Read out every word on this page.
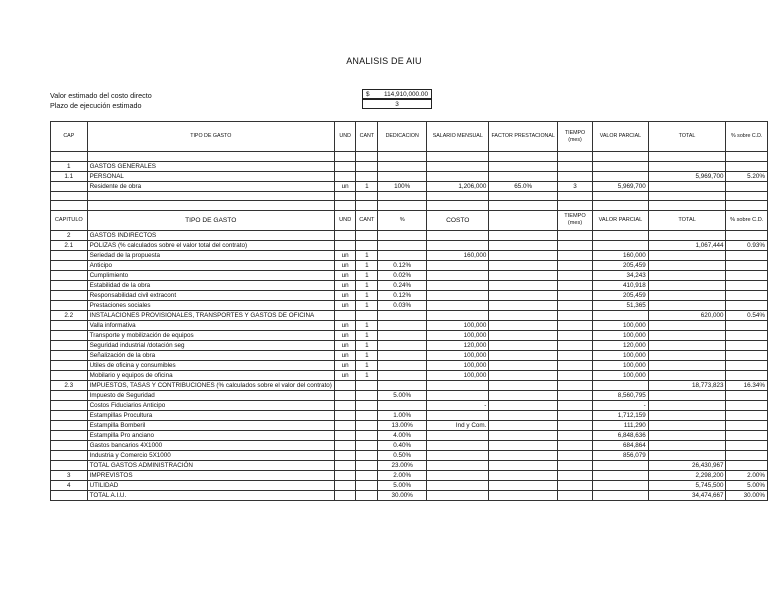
ANALISIS DE AIU
Valor estimado del costo directo
Plazo de ejecución estimado
$ 114,910,000.00
3
CAP	TIPO DE GASTO	UND	CANT	DEDICACION	SALARIO MENSUAL	FACTOR PRESTACIONAL	TIEMPO (mes)	VALOR PARCIAL	TOTAL	% sobre C.D.

1	GASTOS GENERALES									
1.1	PERSONAL								5,969,700	5.20%
	Residente de obra	un	1	100%	1,206,000	65.0%	3	5,969,700		

CAPITULO	TIPO DE GASTO	UND	CANT	%	COSTO		TIEMPO (mes)	VALOR PARCIAL	TOTAL	% sobre C.D.
2	GASTOS INDIRECTOS									
2.1	POLIZAS (% calculados sobre el valor total del contrato)								1,067,444	0.93%
	Seriedad de la propuesta	un	1		160,000			160,000		
	Anticipo	un	1	0.12%				205,459		
	Cumplimiento	un	1	0.02%				34,243		
	Estabilidad de la obra	un	1	0.24%				410,918		
	Responsabilidad civil extracont	un	1	0.12%				205,459		
	Prestaciones sociales	un	1	0.03%				51,365		
2.2	INSTALACIONES PROVISIONALES, TRANSPORTES Y GASTOS DE OFICINA								620,000	0.54%
	Valla informativa	un	1		100,000			100,000		
	Transporte y mobilización de equipos	un	1		100,000			100,000		
	Seguridad industrial /dotación seg	un	1		120,000			120,000		
	Señalización de la obra	un	1		100,000			100,000		
	Utiles de oficina y consumibles	un	1		100,000			100,000		
	Mobilario y equipos de oficina	un	1		100,000			100,000		
2.3	IMPUESTOS, TASAS Y CONTRIBUCIONES (% calculados sobre el valor del contrato)								18,773,823	16.34%
	Impuesto de Seguridad			5.00%				8,560,795		
	Costos Fiduciarios Anticipo				-			-		
	Estampillas Procultura			1.00%				1,712,159		
	Estampilla Bomberil			13.00%	Ind y Com.			111,290		
	Estampilla Pro anciano			4.00%				6,848,636		
	Gastos bancarios 4X1000			0.40%				684,864		
	Industria y Comercio 5X1000			0.50%				856,079		
	TOTAL GASTOS ADMINISTRACIÓN			23.00%					26,430,967	
3	IMPREVISTOS			2.00%					2,298,200	2.00%
4	UTILIDAD			5.00%					5,745,500	5.00%
	TOTAL A.I.U.			30.00%					34,474,667	30.00%
